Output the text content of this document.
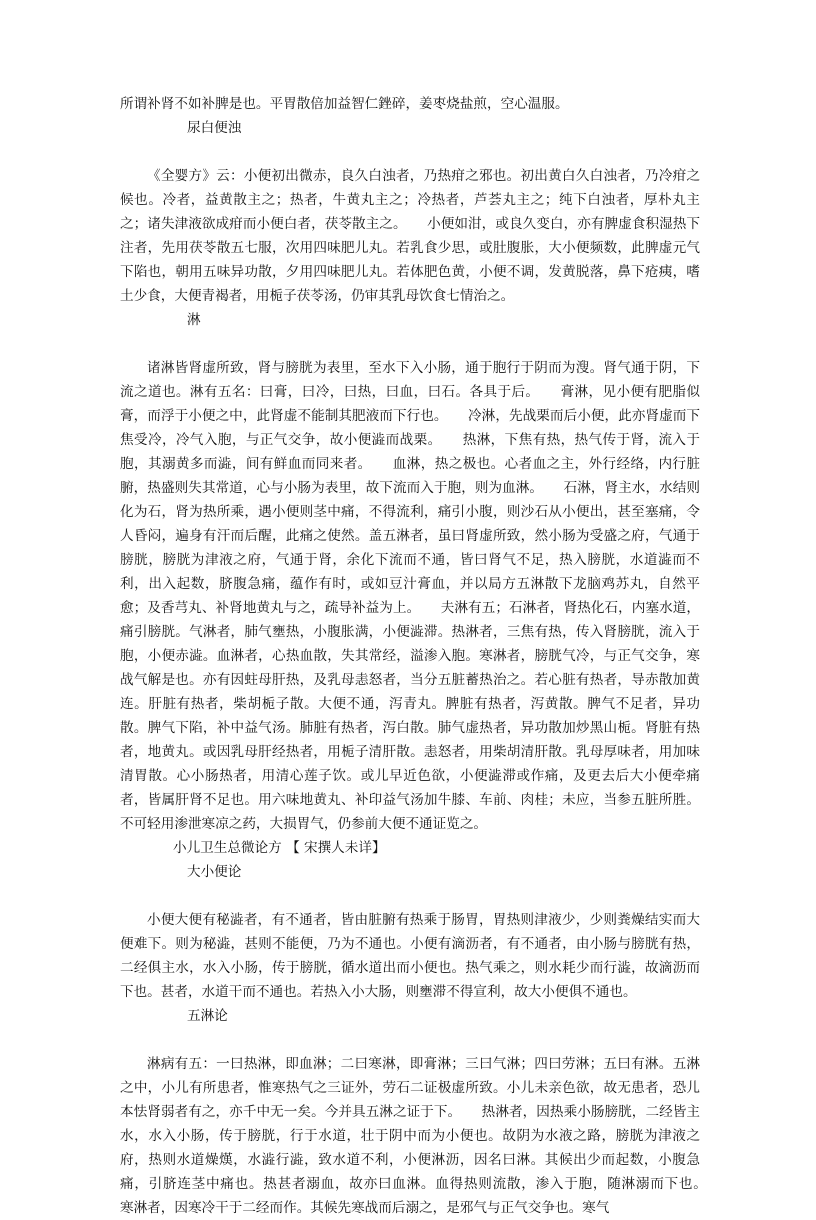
所谓补肾不如补脾是也。平胃散倍加益智仁銼碎，姜枣烧盐煎，空心温服。
尿白便浊
《全婴方》云：小便初出微赤，良久白浊者，乃热疳之邪也。初出黄白久白浊者，乃冷疳之候也。冷者，益黄散主之；热者，牛黄丸主之；冷热者，芦荟丸主之；纯下白浊者，厚朴丸主之；诸失津液欲成疳而小便白者，茯苓散主之。　　小便如泔，或良久变白，亦有脾虚食积湿热下注者，先用茯苓散五七服，次用四味肥儿丸。若乳食少思，或肚腹胀，大小便频数，此脾虚元气下陷也，朝用五味异功散，夕用四味肥儿丸。若体肥色黄，小便不调，发黄脱落，鼻下疮痍，嗜土少食，大便青褐者，用栀子茯苓汤，仍审其乳母饮食七情治之。
淋
诸淋皆肾虚所致，肾与膀胱为表里，至水下入小肠，通于胞行于阴而为溲。肾气通于阴，下流之道也。淋有五名：曰膏，曰冷，曰热，曰血，曰石。各具于后。　　膏淋，见小便有肥脂似膏，而浮于小便之中，此肾虚不能制其肥液而下行也。　　冷淋，先战栗而后小便，此亦肾虚而下焦受冷，冷气入胞，与正气交争，故小便澁而战栗。　　热淋，下焦有热，热气传于肾，流入于胞，其溺黄多而澁，间有鲜血而同来者。　　血淋，热之极也。心者血之主，外行经络，内行脏腑，热盛则失其常道，心与小肠为表里，故下流而入于胞，则为血淋。　　石淋，肾主水，水结则化为石，肾为热所乘，遇小便则茎中痛，不得流利，痛引小腹，则沙石从小便出，甚至塞痛，令人昏闷，遍身有汗而后醒，此痛之使然。盖五淋者，虽曰肾虚所致，然小肠为受盛之府，气通于膀胱，膀胱为津液之府，气通于肾，余化下流而不通，皆曰肾气不足，热入膀胱，水道澁而不利，出入起数，脐腹急痛，蕴作有时，或如豆汁膏血，并以局方五淋散下龙脑鸡苏丸，自然平愈；及香芎丸、补肾地黄丸与之，疏导补益为上。　　夫淋有五；石淋者，肾热化石，内塞水道，痛引膀胱。气淋者，肺气壅热，小腹胀满，小便澁滞。热淋者，三焦有热，传入肾膀胱，流入于胞，小便赤澁。血淋者，心热血散，失其常经，溢渗入胞。寒淋者，膀胱气冷，与正气交争，寒战气解是也。亦有因蛀母肝热，及乳母恚怒者，当分五脏蓄热治之。若心脏有热者，导赤散加黄连。肝脏有热者，柴胡栀子散。大便不通，泻青丸。脾脏有热者，泻黄散。脾气不足者，异功散。脾气下陷，补中益气汤。肺脏有热者，泻白散。肺气虚热者，异功散加炒黑山栀。肾脏有热者，地黄丸。或因乳母肝经热者，用栀子清肝散。恚怒者，用柴胡清肝散。乳母厚味者，用加味清胃散。心小肠热者，用清心莲子饮。或儿早近色欲，小便澁滞或作痛，及更去后大小便牵痛者，皆属肝肾不足也。用六味地黄丸、补印益气汤加牛膝、车前、肉桂；未应，当参五脏所胜。不可轻用渗泄寒凉之药，大损胃气，仍参前大便不通证览之。
小儿卫生总微论方 【 宋撰人未详】
大小便论
小便大便有秘澁者，有不通者，皆由脏腑有热乘于肠胃，胃热则津液少，少则粪燥结实而大便难下。则为秘澁，甚则不能便，乃为不通也。小便有滴沥者，有不通者，由小肠与膀胱有热，二经俱主水，水入小肠，传于膀胱，循水道出而小便也。热气乘之，则水耗少而行澁，故滴沥而下也。甚者，水道干而不通也。若热入小大肠，则壅滞不得宣利，故大小便俱不通也。
五淋论
淋病有五：一曰热淋，即血淋；二曰寒淋，即膏淋；三曰气淋；四曰劳淋；五曰有淋。五淋之中，小儿有所患者，惟寒热气之三证外，劳石二证极虚所致。小儿未亲色欲，故无患者，恐儿本怯肾弱者有之，亦千中无一矣。今并具五淋之证于下。　　热淋者，因热乘小肠膀胱，二经皆主水，水入小肠，传于膀胱，行于水道，壮于阴中而为小便也。故阴为水液之路，膀胱为津液之府，热则水道燥熯，水澁行澁，致水道不利，小便淋沥，因名曰淋。其候出少而起数，小腹急痛，引脐连茎中痛也。热甚者溺血，故亦曰血淋。血得热则流散，渗入于胞，随淋溺而下也。　　寒淋者，因寒冷干于二经而作。其候先寒战而后溺之，是邪气与正气交争也。寒气
